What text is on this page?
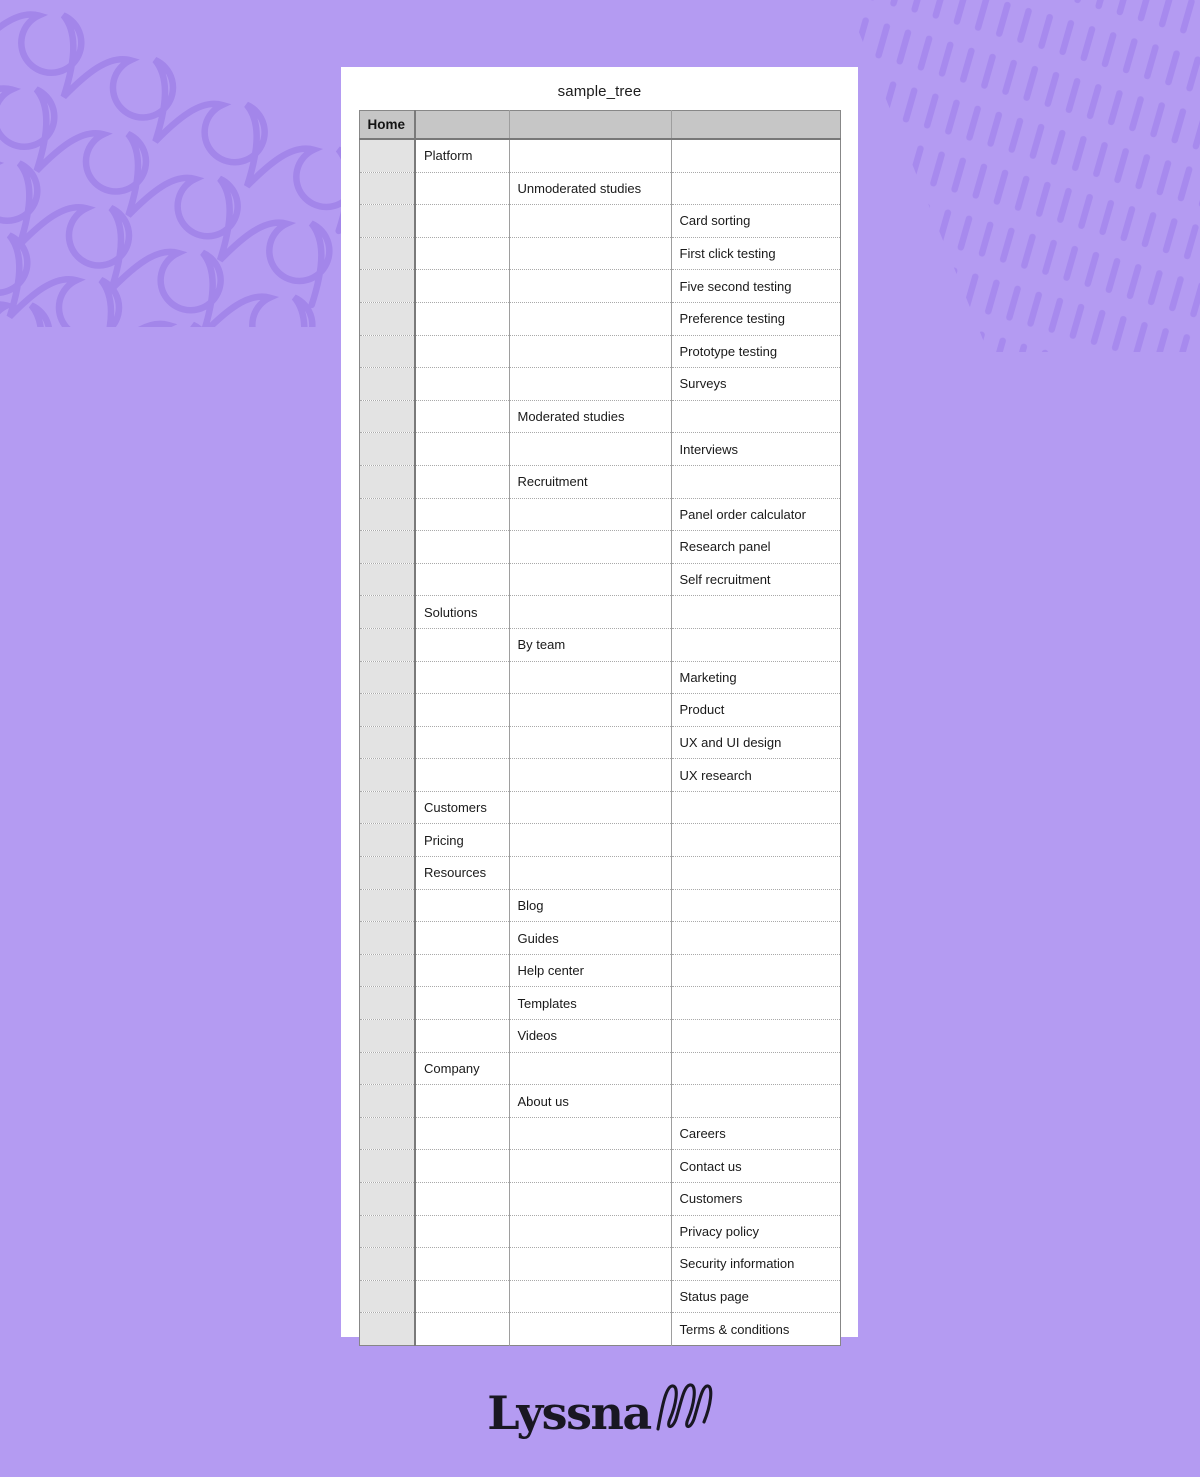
sample_tree
Home			
	Platform		
		Unmoderated studies	
			Card sorting
			First click testing
			Five second testing
			Preference testing
			Prototype testing
			Surveys
		Moderated studies	
			Interviews
		Recruitment	
			Panel order calculator
			Research panel
			Self recruitment
	Solutions		
		By team	
			Marketing
			Product
			UX and UI design
			UX research
	Customers		
	Pricing		
	Resources		
		Blog	
		Guides	
		Help center	
		Templates	
		Videos	
	Company		
		About us	
			Careers
			Contact us
			Customers
			Privacy policy
			Security information
			Status page
			Terms & conditions
Lyssna
